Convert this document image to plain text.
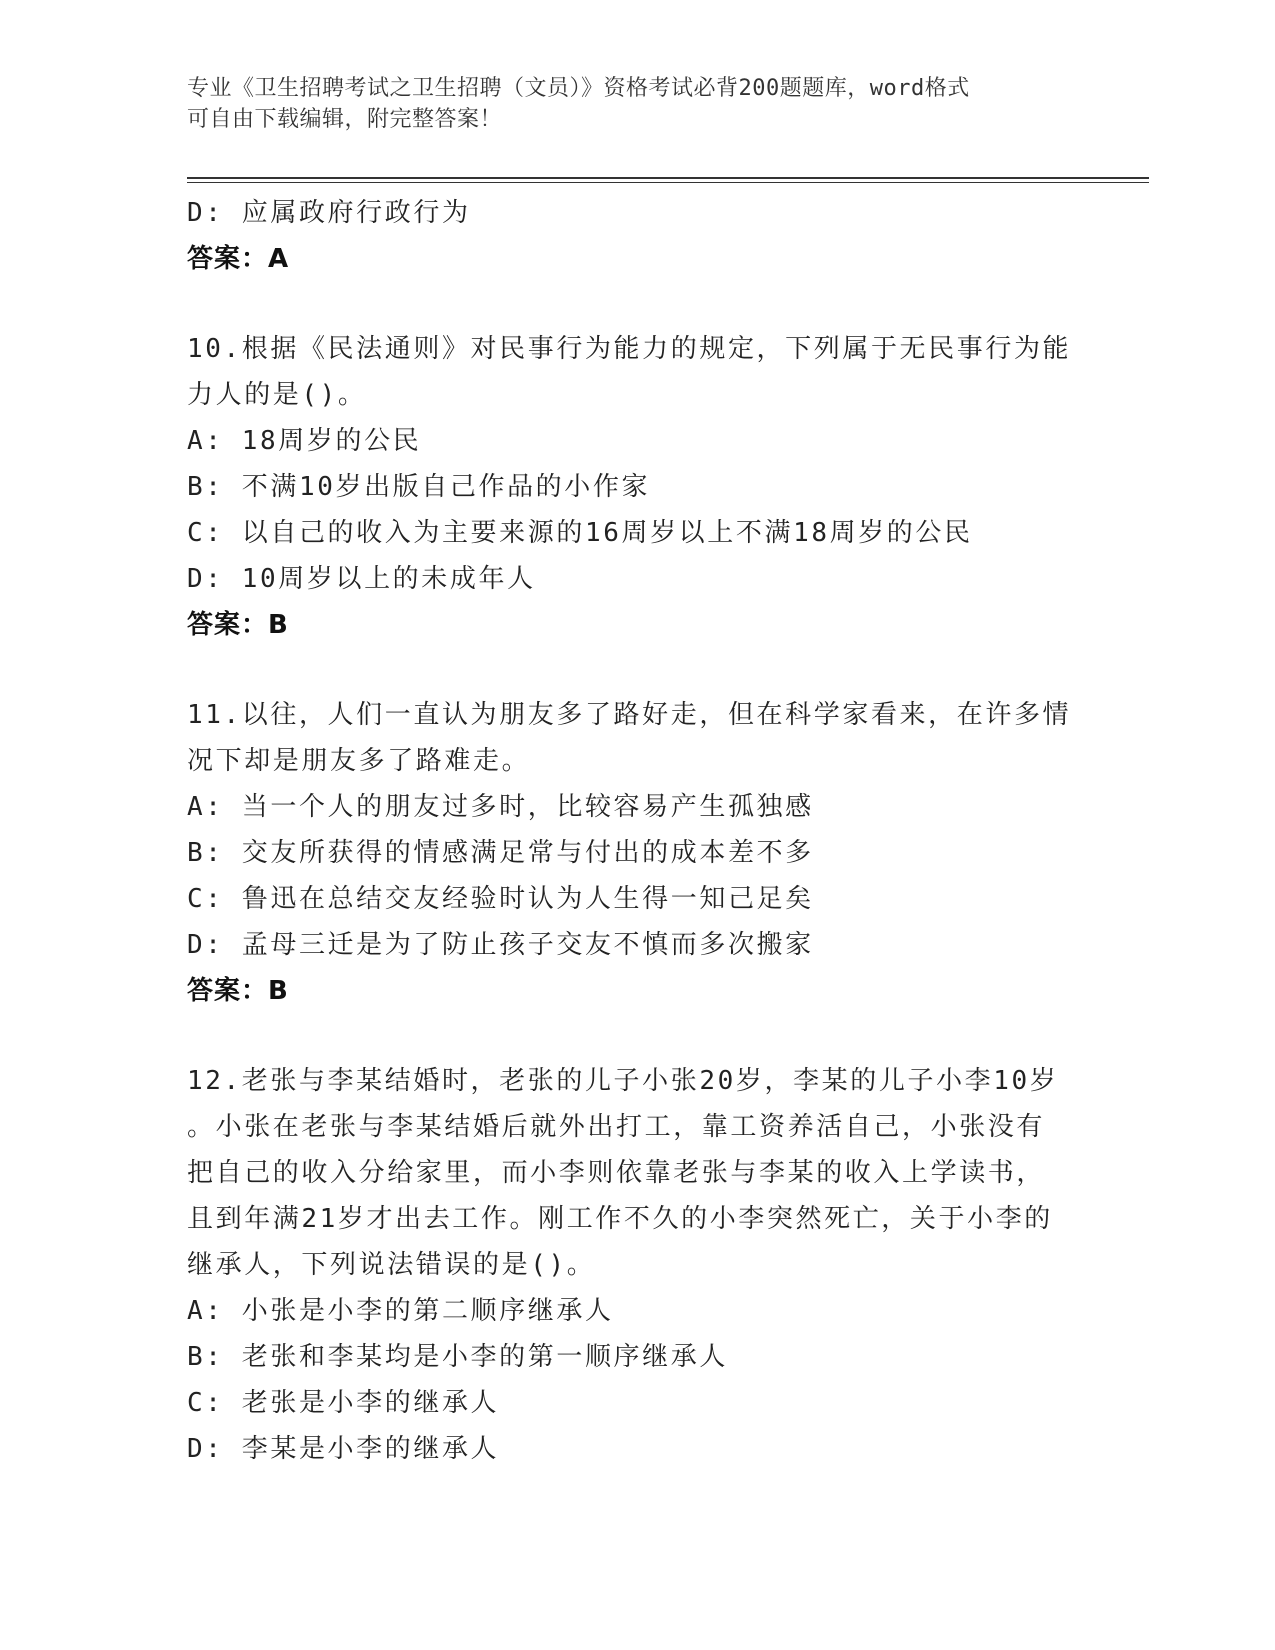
专业《卫生招聘考试之卫生招聘（文员）》资格考试必背200题题库，word格式
可自由下载编辑，附完整答案！
D: 应属政府行政行为
答案：A
10.根据《民法通则》对民事行为能力的规定，下列属于无民事行为能
力人的是()。
A: 18周岁的公民
B: 不满10岁出版自己作品的小作家
C: 以自己的收入为主要来源的16周岁以上不满18周岁的公民
D: 10周岁以上的未成年人
答案：B
11.以往，人们一直认为朋友多了路好走，但在科学家看来，在许多情
况下却是朋友多了路难走。
A: 当一个人的朋友过多时，比较容易产生孤独感
B: 交友所获得的情感满足常与付出的成本差不多
C: 鲁迅在总结交友经验时认为人生得一知己足矣
D: 孟母三迁是为了防止孩子交友不慎而多次搬家
答案：B
12.老张与李某结婚时，老张的儿子小张20岁，李某的儿子小李10岁
。小张在老张与李某结婚后就外出打工，靠工资养活自己，小张没有
把自己的收入分给家里，而小李则依靠老张与李某的收入上学读书，
且到年满21岁才出去工作。刚工作不久的小李突然死亡，关于小李的
继承人，下列说法错误的是()。
A: 小张是小李的第二顺序继承人
B: 老张和李某均是小李的第一顺序继承人
C: 老张是小李的继承人
D: 李某是小李的继承人
